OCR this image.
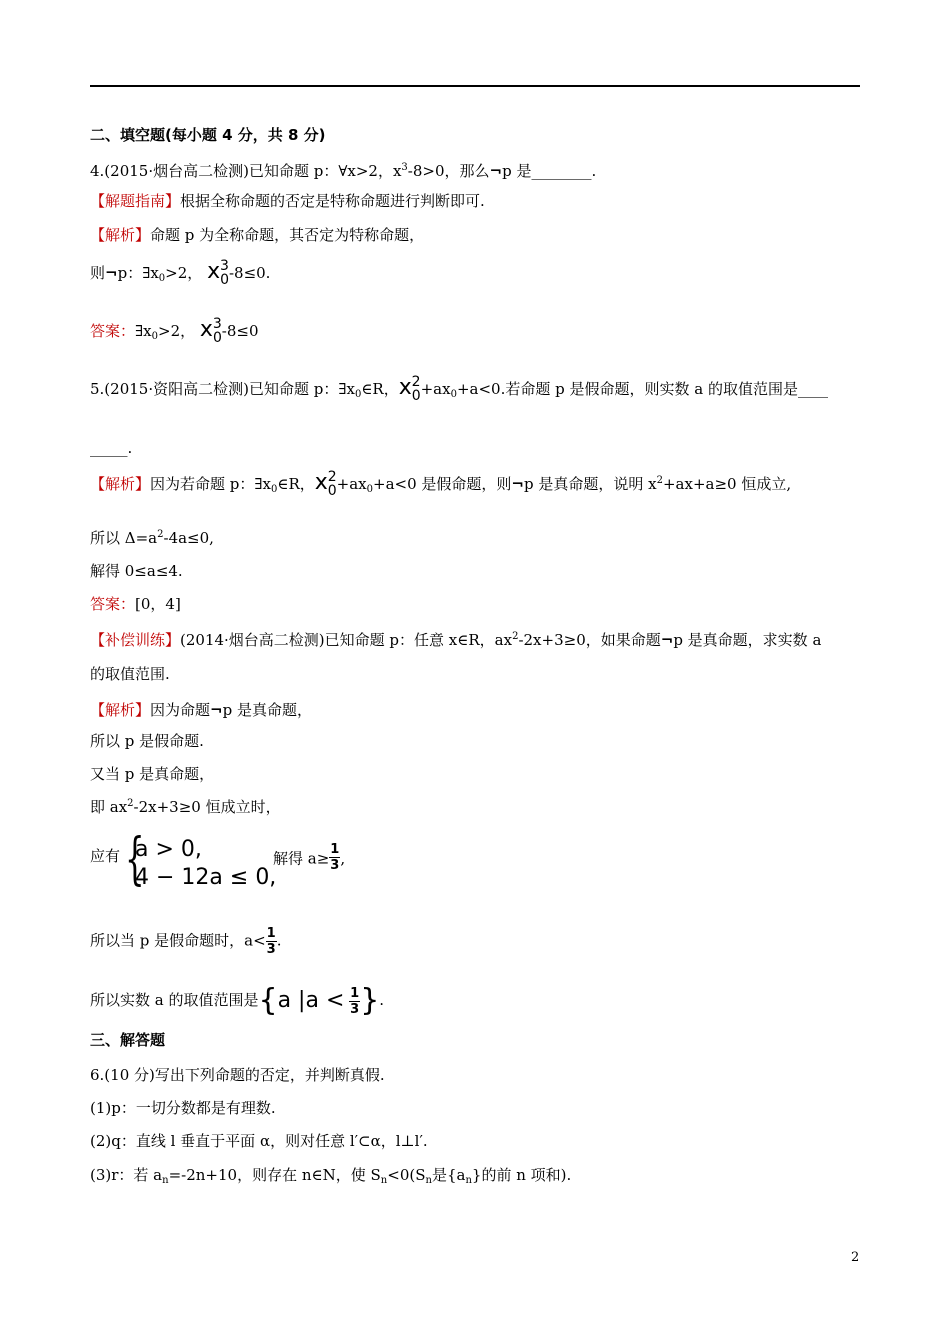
二、填空题(每小题 4 分，共 8 分)
4.(2015·烟台高二检测)已知命题 p：∀x>2，$x^3-8>0$，那么¬p 是________.
【解题指南】根据全称命题的否定是特称命题进行判断即可.
【解析】命题 p 为全称命题，其否定为特称命题，
则¬p：$\exists x_0>2$， x03-8≤0.
答案：$\exists x_0>2$， x03-8≤0
5.(2015·资阳高二检测)已知命题 p：$\exists x_0\in R$，$x02+ax_0+a<0$.若命题 p 是假命题，则实数 a 的取值范围是____
_____.
【解析】因为若命题 p：$\exists x_0\in R$，$x02+ax_0+a<0$ 是假命题，则¬p 是真命题，说明 $x^2+ax+a\ge 0$ 恒成立,
所以 $\Delta=a^2-4a\le 0$,
解得 0≤a≤4.
答案：[0，4]
【补偿训练】(2014·烟台高二检测)已知命题 p：任意 x∈R，$ax^2-2x+3\ge 0$，如果命题¬p 是真命题，求实数 a
的取值范围.
【解析】因为命题¬p 是真命题，
所以 p 是假命题.
又当 p 是真命题，
即 $ax^2-2x+3\ge 0$ 恒成立时，
应有 {
a > 0,
4 − 12a ≤ 0,
解得 $a\ge \frac{1}{3}$ ,
所以当 p 是假命题时，$a< \frac{1}{3}$ .
所以实数 a 的取值范围是{a $|a < \frac{1}{3}$ }.
三、解答题
6.(10 分)写出下列命题的否定，并判断真假.
(1)p：一切分数都是有理数.
(2)q：直线 l 垂直于平面 α，则对任意 l′⊂α，l⊥l′.
(3)r：若 $a_n=-2n+10$，则存在 n∈N，使 $S_n<0(S_n$是$\{a_n\}$的前 n 项和).
2
